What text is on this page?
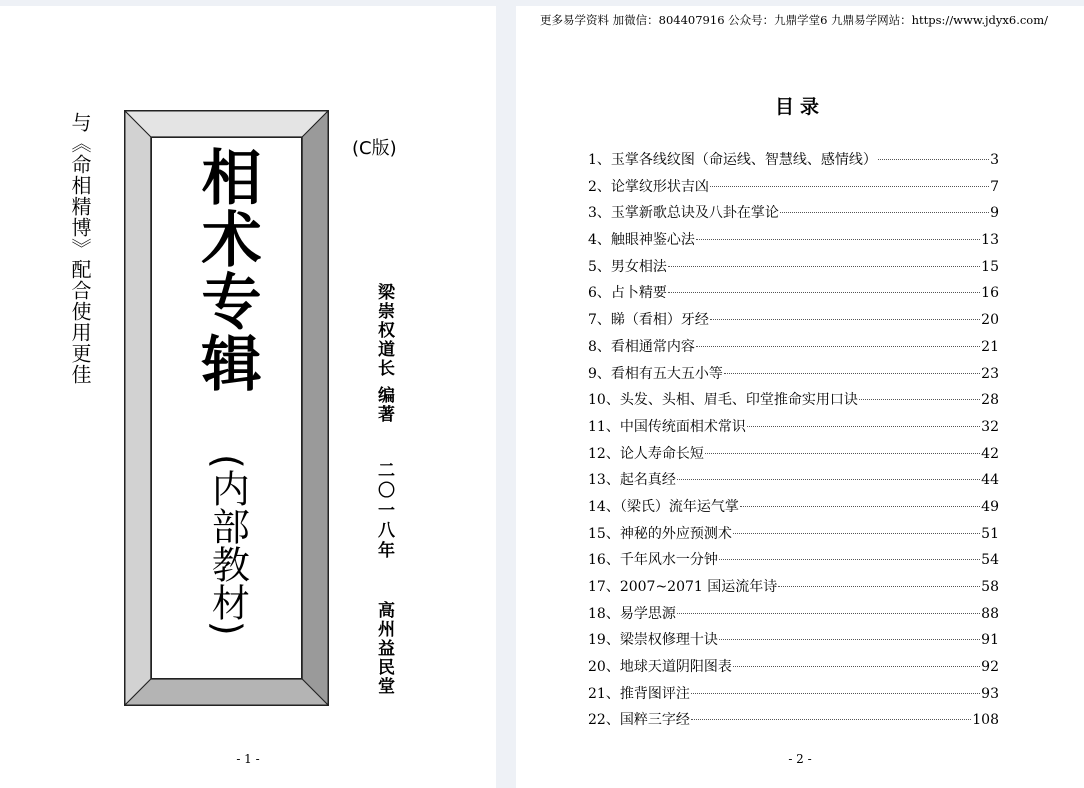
与《命相精博》配合使用更佳 相术专辑
(内部教材)
(C版)
梁崇权道长 编著
二〇一八年
高州益民堂
- 1 -
更多易学资料 加微信：804407916 公众号：九鼎学堂6 九鼎易学网站：https://www.jdyx6.com/
目录
1、玉掌各线纹图（命运线、智慧线、感情线）	3
2、论掌纹形状吉凶	7
3、玉掌新歌总诀及八卦在掌论	9
4、触眼神鉴心法	13
5、男女相法	15
6、占卜精要	16
7、睇（看相）牙经	20
8、看相通常内容	21
9、看相有五大五小等	23
10、头发、头相、眉毛、印堂推命实用口诀	28
11、中国传统面相术常识	32
12、论人寿命长短	42
13、起名真经	44
14、（梁氏）流年运气掌	49
15、神秘的外应预测术	51
16、千年风水一分钟	54
17、2007~2071 国运流年诗	58
18、易学思源	88
19、梁崇权修理十诀	91
20、地球天道阴阳图表	92
21、推背图评注	93
22、国粹三字经	108
- 2 -
